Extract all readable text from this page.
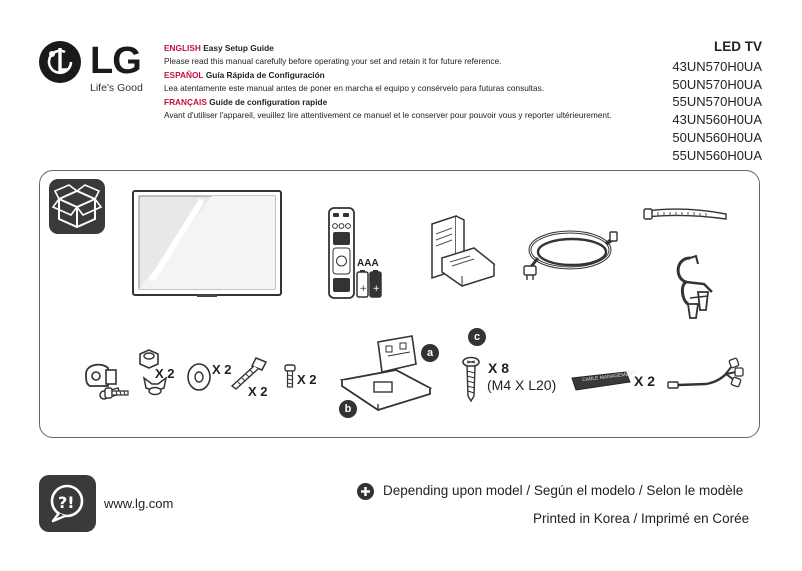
LG
Life's Good

ENGLISH Easy Setup Guide

Please read this manual carefully before operating your set and retain it for future reference.

ESPAÑOL Guía Rápida de Configuración

Lea atentamente este manual antes de poner en marcha el equipo y consérvelo para futuras consultas.

FRANÇAIS Guide de configuration rapide

Avant d'utiliser l'appareil, veuillez lire attentivement ce manuel et le conserver pour pouvoir vous y reporter ultérieurement.

LED TV
43UN570H0UA
50UN570H0UA
55UN570H0UA
43UN560H0UA
50UN560H0UA
55UN560H0UA
AAA
+ +
X 2	X 2
X 2
X 2
a
b
c
X 8
(M4 X L20)	CABLE MANAGEMENT
X 2
?! www.lg.com
Depending upon model / Según el modelo / Selon le modèle
Printed in Korea / Imprimé en Corée
